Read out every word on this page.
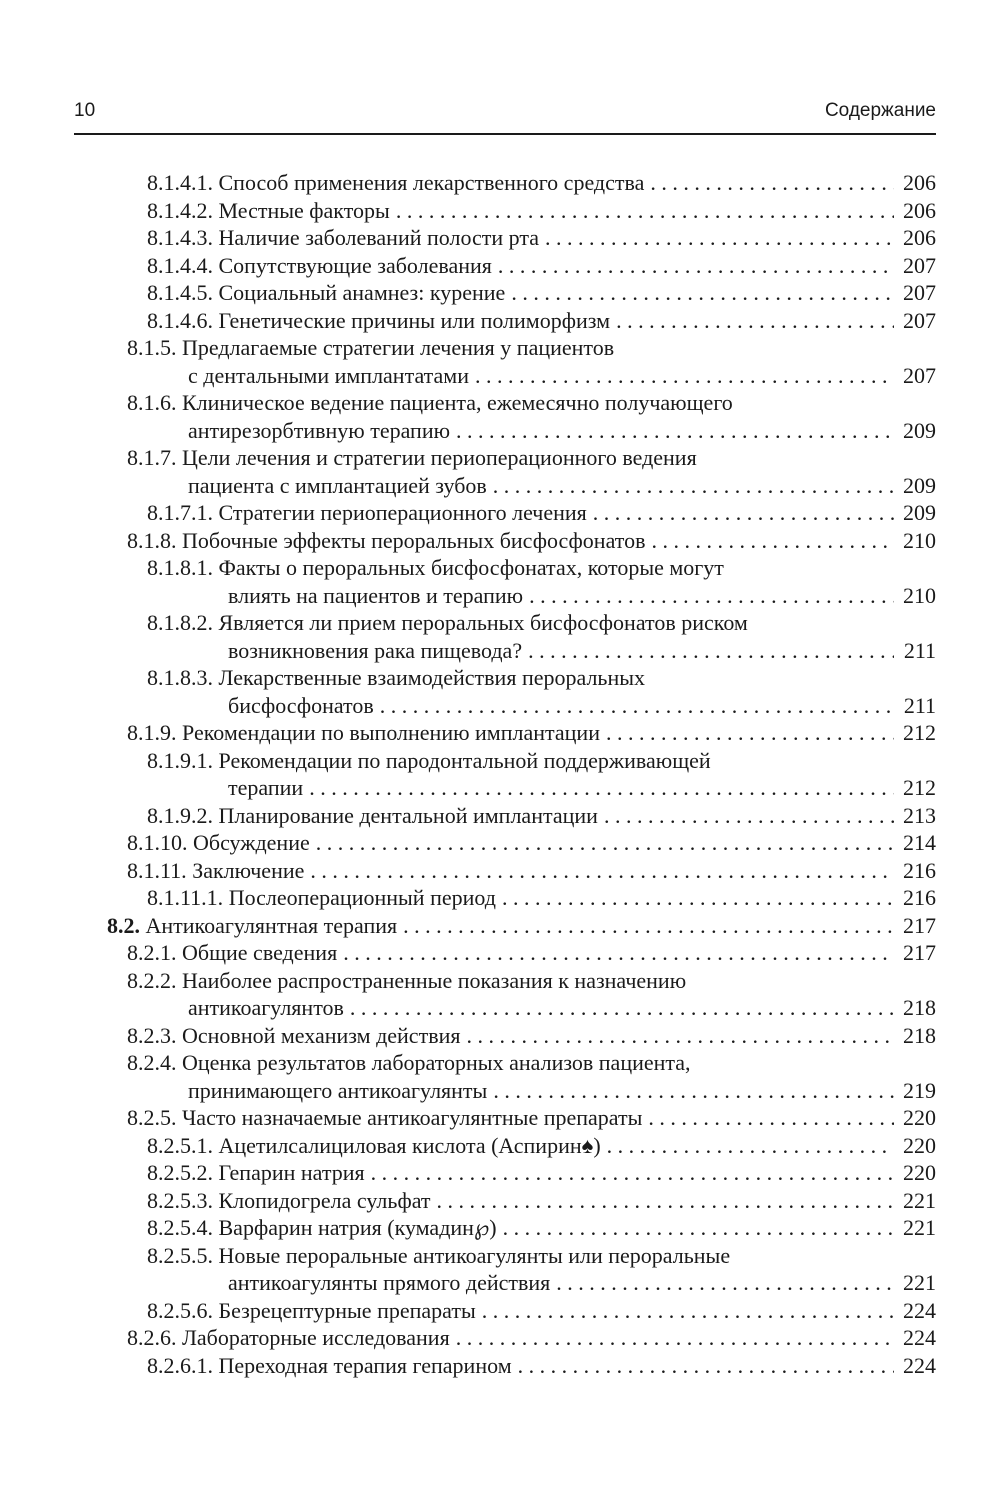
10	Содержание
8.1.4.1. Способ применения лекарственного средства . . .	206
8.1.4.2. Местные факторы . . .	206
8.1.4.3. Наличие заболеваний полости рта . . .	206
8.1.4.4. Сопутствующие заболевания . . .	207
8.1.4.5. Социальный анамнез: курение . . .	207
8.1.4.6. Генетические причины или полиморфизм . . .	207
8.1.5. Предлагаемые стратегии лечения у пациентов
с дентальными имплантатами . . .	207
8.1.6. Клиническое ведение пациента, ежемесячно получающего
антирезорбтивную терапию . . .	209
8.1.7. Цели лечения и стратегии периоперационного ведения
пациента с имплантацией зубов . . .	209
8.1.7.1. Стратегии периоперационного лечения . . .	209
8.1.8. Побочные эффекты пероральных бисфосфонатов . . .	210
8.1.8.1. Факты о пероральных бисфосфонатах, которые могут
влиять на пациентов и терапию . . .	210
8.1.8.2. Является ли прием пероральных бисфосфонатов риском
возникновения рака пищевода? . . .	211
8.1.8.3. Лекарственные взаимодействия пероральных
бисфосфонатов . . .	211
8.1.9. Рекомендации по выполнению имплантации . . .	212
8.1.9.1. Рекомендации по пародонтальной поддерживающей
терапии . . .	212
8.1.9.2. Планирование дентальной имплантации . . .	213
8.1.10. Обсуждение . . .	214
8.1.11. Заключение . . .	216
8.1.11.1. Послеоперационный период . . .	216
8.2. Антикоагулянтная терапия . . .	217
8.2.1. Общие сведения . . .	217
8.2.2. Наиболее распространенные показания к назначению
антикоагулянтов . . .	218
8.2.3. Основной механизм действия . . .	218
8.2.4. Оценка результатов лабораторных анализов пациента,
принимающего антикоагулянты . . .	219
8.2.5. Часто назначаемые антикоагулянтные препараты . . .	220
8.2.5.1. Ацетилсалициловая кислота (Аспирин♠) . . .	220
8.2.5.2. Гепарин натрия . . .	220
8.2.5.3. Клопидогрела сульфат . . .	221
8.2.5.4. Варфарин натрия (кумадин℘) . . .	221
8.2.5.5. Новые пероральные антикоагулянты или пероральные
антикоагулянты прямого действия . . .	221
8.2.5.6. Безрецептурные препараты . . .	224
8.2.6. Лабораторные исследования . . .	224
8.2.6.1. Переходная терапия гепарином . . .	224
